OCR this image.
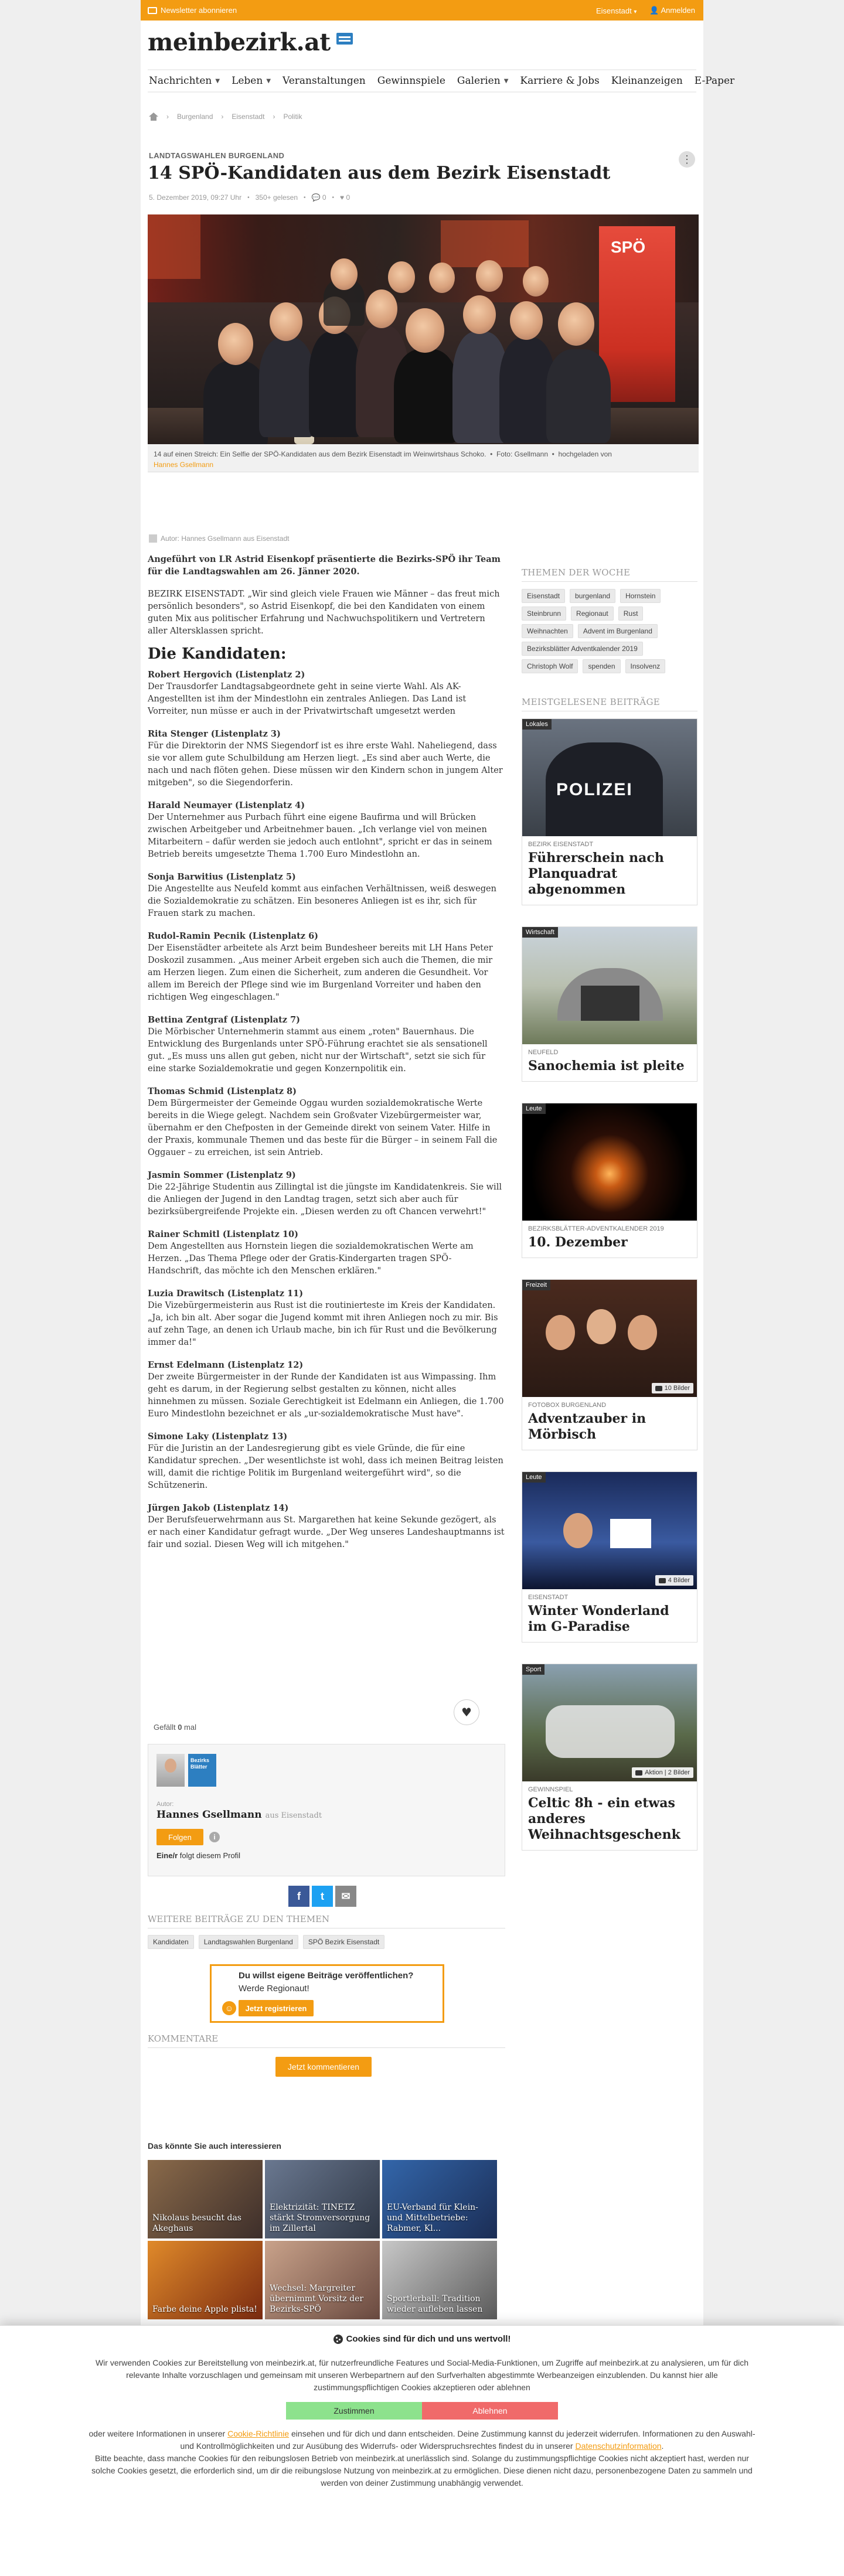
Newsletter abonnieren	Eisenstadt ▾ 👤 Anmelden
meinbezirk.at
Nachrichten ▼ Leben ▼ Veranstaltungen Gewinnspiele Galerien ▼ Karriere & Jobs Kleinanzeigen E-Paper
› Burgenland › Eisenstadt › Politik
LANDTAGSWAHLEN BURGENLAND	⋮
14 SPÖ-Kandidaten aus dem Bezirk Eisenstadt
5. Dezember 2019, 09:27 Uhr • 350+ gelesen • 💬 0 • ♥ 0
SPÖ
14 auf einen Streich: Ein Selfie der SPÖ-Kandidaten aus dem Bezirk Eisenstadt im Weinwirtshaus Schoko.  •  Foto: Gsellmann  •  hochgeladen von
Hannes Gsellmann
Autor: Hannes Gsellmann aus Eisenstadt

Angeführt von LR Astrid Eisenkopf präsentierte die Bezirks-SPÖ ihr Team für die Landtagswahlen am 26. Jänner 2020.

BEZIRK EISENSTADT. „Wir sind gleich viele Frauen wie Männer – das freut mich persönlich besonders", so Astrid Eisenkopf, die bei den Kandidaten von einem guten Mix aus politischer Erfahrung und Nachwuchspolitikern und Vertretern aller Altersklassen spricht.

Die Kandidaten:
Robert Hergovich (Listenplatz 2)
Der Trausdorfer Landtagsabgeordnete geht in seine vierte Wahl. Als AK-Angestellten ist ihm der Mindestlohn ein zentrales Anliegen. Das Land ist Vorreiter, nun müsse er auch in der Privatwirtschaft umgesetzt werden
Rita Stenger (Listenplatz 3)
Für die Direktorin der NMS Siegendorf ist es ihre erste Wahl. Naheliegend, dass sie vor allem gute Schulbildung am Herzen liegt. „Es sind aber auch Werte, die nach und nach flöten gehen. Diese müssen wir den Kindern schon in jungem Alter mitgeben", so die Siegendorferin.
Harald Neumayer (Listenplatz 4)
Der Unternehmer aus Purbach führt eine eigene Baufirma und will Brücken zwischen Arbeitgeber und Arbeitnehmer bauen. „Ich verlange viel von meinen Mitarbeitern – dafür werden sie jedoch auch entlohnt", spricht er das in seinem Betrieb bereits umgesetzte Thema 1.700 Euro Mindestlohn an.
Sonja Barwitius (Listenplatz 5)
Die Angestellte aus Neufeld kommt aus einfachen Verhältnissen, weiß deswegen die Sozialdemokratie zu schätzen. Ein besoneres Anliegen ist es ihr, sich für Frauen stark zu machen.
Rudol-Ramin Pecnik (Listenplatz 6)
Der Eisenstädter arbeitete als Arzt beim Bundesheer bereits mit LH Hans Peter Doskozil zusammen. „Aus meiner Arbeit ergeben sich auch die Themen, die mir am Herzen liegen. Zum einen die Sicherheit, zum anderen die Gesundheit. Vor allem im Bereich der Pflege sind wie im Burgenland Vorreiter und haben den richtigen Weg eingeschlagen."
Bettina Zentgraf (Listenplatz 7)
Die Mörbischer Unternehmerin stammt aus einem „roten" Bauernhaus. Die Entwicklung des Burgenlands unter SPÖ-Führung erachtet sie als sensationell gut. „Es muss uns allen gut geben, nicht nur der Wirtschaft", setzt sie sich für eine starke Sozialdemokratie und gegen Konzernpolitik ein.
Thomas Schmid (Listenplatz 8)
Dem Bürgermeister der Gemeinde Oggau wurden sozialdemokratische Werte bereits in die Wiege gelegt. Nachdem sein Großvater Vizebürgermeister war, übernahm er den Chefposten in der Gemeinde direkt von seinem Vater. Hilfe in der Praxis, kommunale Themen und das beste für die Bürger – in seinem Fall die Oggauer – zu erreichen, ist sein Antrieb.
Jasmin Sommer (Listenplatz 9)
Die 22-Jährige Studentin aus Zillingtal ist die jüngste im Kandidatenkreis. Sie will die Anliegen der Jugend in den Landtag tragen, setzt sich aber auch für bezirksübergreifende Projekte ein. „Diesen werden zu oft Chancen verwehrt!"
Rainer Schmitl (Listenplatz 10)
Dem Angestellten aus Hornstein liegen die sozialdemokratischen Werte am Herzen. „Das Thema Pflege oder der Gratis-Kindergarten tragen SPÖ-Handschrift, das möchte ich den Menschen erklären."
Luzia Drawitsch (Listenplatz 11)
Die Vizebürgermeisterin aus Rust ist die routinierteste im Kreis der Kandidaten. „Ja, ich bin alt. Aber sogar die Jugend kommt mit ihren Anliegen noch zu mir. Bis auf zehn Tage, an denen ich Urlaub mache, bin ich für Rust und die Bevölkerung immer da!"
Ernst Edelmann (Listenplatz 12)
Der zweite Bürgermeister in der Runde der Kandidaten ist aus Wimpassing. Ihm geht es darum, in der Regierung selbst gestalten zu können, nicht alles hinnehmen zu müssen. Soziale Gerechtigkeit ist Edelmann ein Anliegen, die 1.700 Euro Mindestlohn bezeichnet er als „ur-sozialdemokratische Must have".
Simone Laky (Listenplatz 13)
Für die Juristin an der Landesregierung gibt es viele Gründe, die für eine Kandidatur sprechen. „Der wesentlichste ist wohl, dass ich meinen Beitrag leisten will, damit die richtige Politik im Burgenland weitergeführt wird", so die Schützenerin.
Jürgen Jakob (Listenplatz 14)
Der Berufsfeuerwehrmann aus St. Margarethen hat keine Sekunde gezögert, als er nach einer Kandidatur gefragt wurde. „Der Weg unseres Landeshauptmanns ist fair und sozial. Diesen Weg will ich mitgehen."
♥
Gefällt 0 mal
Bezirks Blätter
Autor:
Hannes Gsellmann aus Eisenstadt
Folgen	i
Eine/r folgt diesem Profil
f	t	✉
WEITERE BEITRÄGE ZU DEN THEMEN
Kandidaten	Landtagswahlen Burgenland	SPÖ Bezirk Eisenstadt
Du willst eigene Beiträge veröffentlichen?
Werde Regionaut!
☺	Jetzt registrieren
KOMMENTARE
Jetzt kommentieren
Das könnte Sie auch interessieren
Nikolaus besucht das Akeghaus
Elektrizität: TINETZ stärkt Stromversorgung im Zillertal
EU-Verband für Klein- und Mittelbetriebe: Rabmer, Kl...
Farbe deine Apple plista!
Wechsel: Margreiter übernimmt Vorsitz der Bezirks-SPÖ
Sportlerball: Tradition wieder aufleben lassen
THEMEN DER WOCHE
Eisenstadt	burgenland	Hornstein
Steinbrunn	Regionaut	Rust
Weihnachten	Advent im Burgenland
Bezirksblätter Adventkalender 2019
Christoph Wolf	spenden	Insolvenz
MEISTGELESENE BEITRÄGE
Lokales
POLIZEI
BEZIRK EISENSTADT
Führerschein nach Planquadrat abgenommen
Wirtschaft
NEUFELD
Sanochemia ist pleite
Leute
BEZIRKSBLÄTTER-ADVENTKALENDER 2019
10. Dezember
Freizeit
10 Bilder
FOTOBOX BURGENLAND
Adventzauber in Mörbisch
Leute
4 Bilder
EISENSTADT
Winter Wonderland im G-Paradise
Sport
Aktion | 2 Bilder
GEWINNSPIEL
Celtic 8h - ein etwas anderes Weihnachtsgeschenk
Cookies sind für dich und uns wertvoll!
Wir verwenden Cookies zur Bereitstellung von meinbezirk.at, für nutzerfreundliche Features und Social-Media-Funktionen, um Zugriffe auf meinbezirk.at zu analysieren, um für dich relevante Inhalte vorzuschlagen und gemeinsam mit unseren Werbepartnern auf den Surfverhalten abgestimmte Werbeanzeigen einzublenden. Du kannst hier alle zustimmungspflichtigen Cookies akzeptieren oder ablehnen
Zustimmen	Ablehnen
oder weitere Informationen in unserer Cookie-Richtlinie einsehen und für dich und dann entscheiden. Deine Zustimmung kannst du jederzeit widerrufen. Informationen zu den Auswahl- und Kontrollmöglichkeiten und zur Ausübung des Widerrufs- oder Widerspruchsrechtes findest du in unserer Datenschutzinformation.
Bitte beachte, dass manche Cookies für den reibungslosen Betrieb von meinbezirk.at unerlässlich sind. Solange du zustimmungspflichtige Cookies nicht akzeptiert hast, werden nur solche Cookies gesetzt, die erforderlich sind, um dir die reibungslose Nutzung von meinbezirk.at zu ermöglichen. Diese dienen nicht dazu, personenbezogene Daten zu sammeln und werden von deiner Zustimmung unabhängig verwendet.
